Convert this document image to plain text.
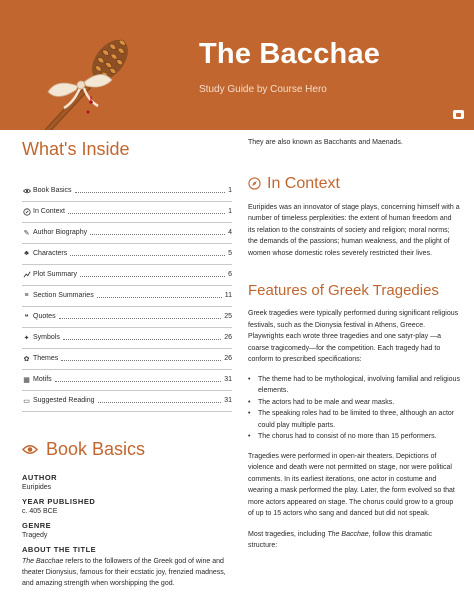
The Bacchae
Study Guide by Course Hero
What's Inside
Book Basics	1
In Context	1
✎ Author Biography	4
♣ Characters	5
Plot Summary	6
≡ Section Summaries	11
❝ Quotes	25
✦ Symbols	26
✿ Themes	26
▦ Motifs	31
▭ Suggested Reading	31
Book Basics
AUTHOR
Euripides
YEAR PUBLISHED
c. 405 BCE
GENRE
Tragedy
ABOUT THE TITLE
The Bacchae refers to the followers of the Greek god of wine and theater Dionysius, famous for their ecstatic joy, frenzied madness, and amazing strength when worshipping the god.
They are also known as Bacchants and Maenads.
In Context
Euripides was an innovator of stage plays, concerning himself with a number of timeless perplexities: the extent of human freedom and its relation to the constraints of society and religion; moral norms; the demands of the passions; human weakness, and the plight of women whose domestic roles severely restricted their lives.
Features of Greek Tragedies
Greek tragedies were typically performed during significant religious festivals, such as the Dionysia festival in Athens, Greece. Playwrights each wrote three tragedies and one satyr-play —a coarse tragicomedy—for the competition. Each tragedy had to conform to prescribed specifications:
•	The theme had to be mythological, involving familial and religious elements.
•	The actors had to be male and wear masks.
•	The speaking roles had to be limited to three, although an actor could play multiple parts.
•	The chorus had to consist of no more than 15 performers.
Tragedies were performed in open-air theaters. Depictions of violence and death were not permitted on stage, nor were political comments. In its earliest iterations, one actor in costume and wearing a mask performed the play. Later, the form evolved so that more actors appeared on stage. The chorus could grow to a group of up to 15 actors who sang and danced but did not speak.
Most tragedies, including The Bacchae, follow this dramatic structure:
